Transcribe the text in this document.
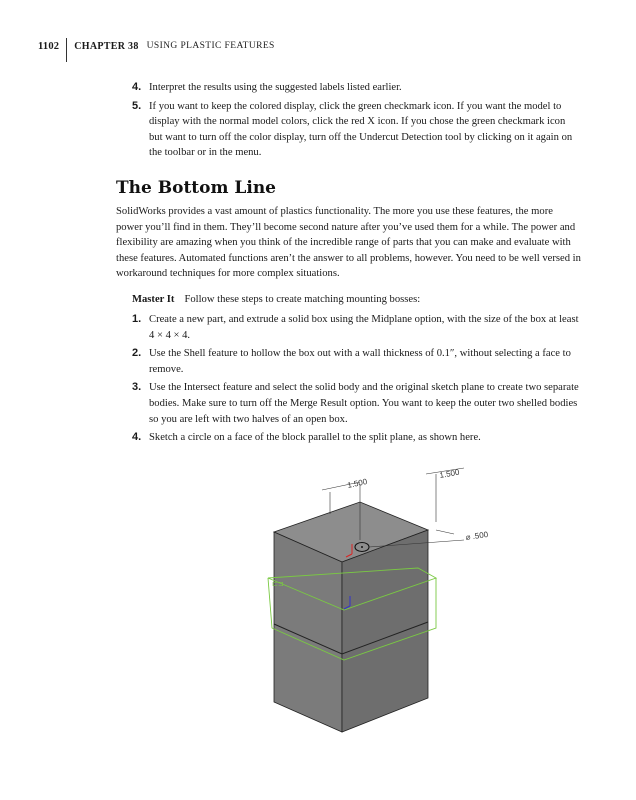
1102 CHAPTER 38 USING PLASTIC FEATURES
4. Interpret the results using the suggested labels listed earlier.
5. If you want to keep the colored display, click the green checkmark icon. If you want the model to display with the normal model colors, click the red X icon. If you chose the green checkmark icon but want to turn off the color display, turn off the Undercut Detection tool by clicking on it again on the toolbar or in the menu.
The Bottom Line
SolidWorks provides a vast amount of plastics functionality. The more you use these features, the more power you’ll find in them. They’ll become second nature after you’ve used them for a while. The power and flexibility are amazing when you think of the incredible range of parts that you can make and evaluate with these features. Automated functions aren’t the answer to all problems, however. You need to be well versed in workaround techniques for more complex situations.
Master It Follow these steps to create matching mounting bosses:
1. Create a new part, and extrude a solid box using the Midplane option, with the size of the box at least 4 × 4 × 4.
2. Use the Shell feature to hollow the box out with a wall thickness of 0.1″, without selecting a face to remove.
3. Use the Intersect feature and select the solid body and the original sketch plane to create two separate bodies. Make sure to turn off the Merge Result option. You want to keep the outer two shelled bodies so you are left with two halves of an open box.
4. Sketch a circle on a face of the block parallel to the split plane, as shown here.
⊏⊐
1.500
1.500
⌀ .500
